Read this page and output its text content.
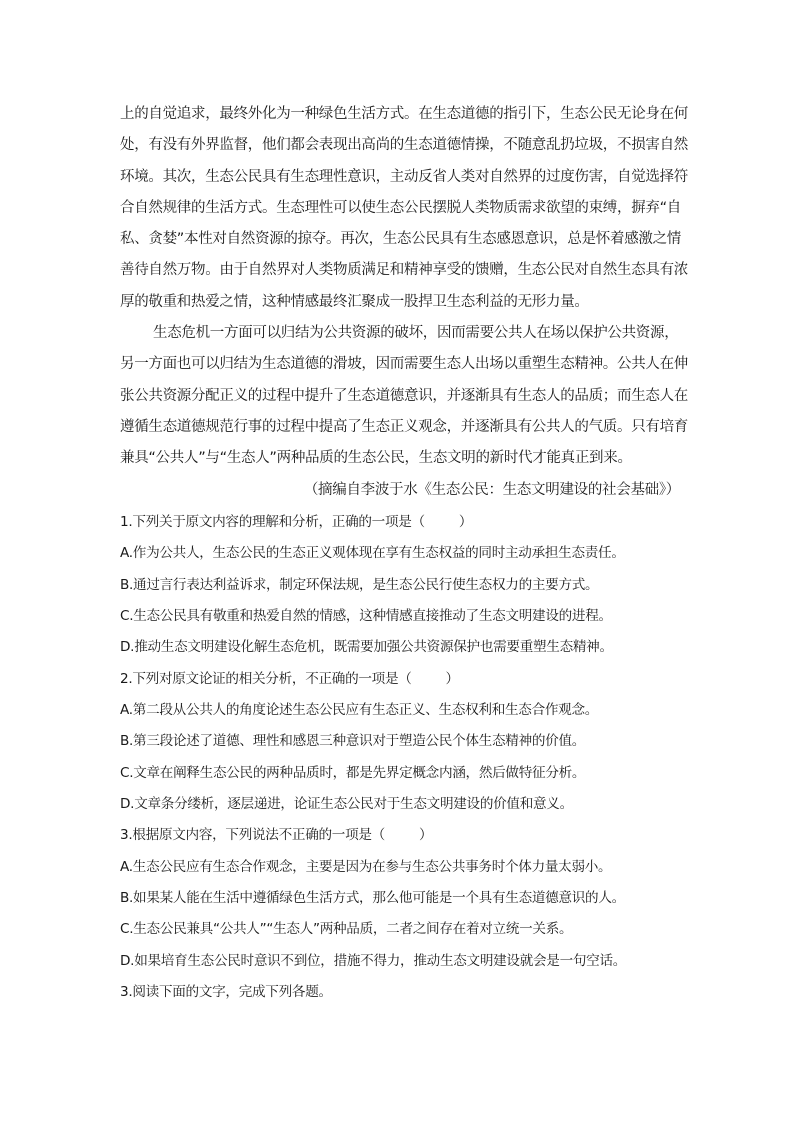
上的自觉追求，最终外化为一种绿色生活方式。在生态道德的指引下，生态公民无论身在何处，有没有外界监督，他们都会表现出高尚的生态道德情操，不随意乱扔垃圾，不损害自然环境。其次，生态公民具有生态理性意识，主动反省人类对自然界的过度伤害，自觉选择符合自然规律的生活方式。生态理性可以使生态公民摆脱人类物质需求欲望的束缚，摒弃“自私、贪婪”本性对自然资源的掠夺。再次，生态公民具有生态感恩意识，总是怀着感激之情善待自然万物。由于自然界对人类物质满足和精神享受的馈赠，生态公民对自然生态具有浓厚的敬重和热爱之情，这种情感最终汇聚成一股捍卫生态利益的无形力量。

生态危机一方面可以归结为公共资源的破坏，因而需要公共人在场以保护公共资源，另一方面也可以归结为生态道德的滑坡，因而需要生态人出场以重塑生态精神。公共人在伸张公共资源分配正义的过程中提升了生态道德意识，并逐渐具有生态人的品质；而生态人在遵循生态道德规范行事的过程中提高了生态正义观念，并逐渐具有公共人的气质。只有培育兼具“公共人”与“生态人”两种品质的生态公民，生态文明的新时代才能真正到来。

（摘编自李波于水《生态公民：生态文明建设的社会基础》）

1.下列关于原文内容的理解和分析，正确的一项是（	）

A.作为公共人，生态公民的生态正义观体现在享有生态权益的同时主动承担生态责任。

B.通过言行表达利益诉求，制定环保法规，是生态公民行使生态权力的主要方式。

C.生态公民具有敬重和热爱自然的情感，这种情感直接推动了生态文明建设的进程。

D.推动生态文明建设化解生态危机，既需要加强公共资源保护也需要重塑生态精神。

2.下列对原文论证的相关分析，不正确的一项是（	）

A.第二段从公共人的角度论述生态公民应有生态正义、生态权利和生态合作观念。

B.第三段论述了道德、理性和感恩三种意识对于塑造公民个体生态精神的价值。

C.文章在阐释生态公民的两种品质时，都是先界定概念内涵，然后做特征分析。

D.文章条分缕析，逐层递进，论证生态公民对于生态文明建设的价值和意义。

3.根据原文内容，下列说法不正确的一项是（	）

A.生态公民应有生态合作观念，主要是因为在参与生态公共事务时个体力量太弱小。

B.如果某人能在生活中遵循绿色生活方式，那么他可能是一个具有生态道德意识的人。

C.生态公民兼具“公共人”“生态人”两种品质，二者之间存在着对立统一关系。

D.如果培育生态公民时意识不到位，措施不得力，推动生态文明建设就会是一句空话。

3.阅读下面的文字，完成下列各题。
